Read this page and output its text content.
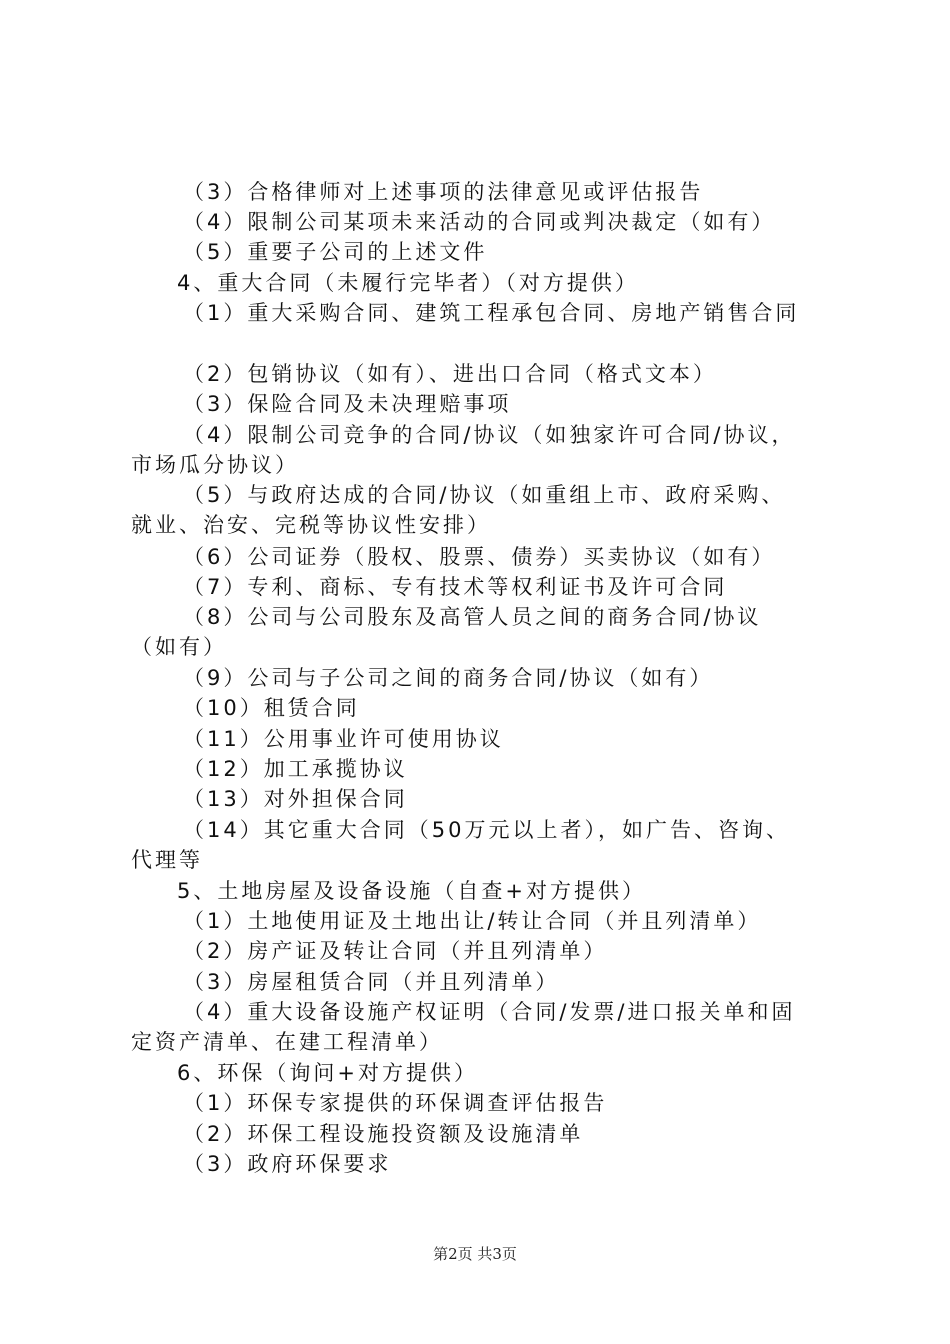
（3）合格律师对上述事项的法律意见或评估报告
（4）限制公司某项未来活动的合同或判决裁定（如有）
（5）重要子公司的上述文件
4、重大合同（未履行完毕者）（对方提供）
（1）重大采购合同、建筑工程承包合同、房地产销售合同
（2）包销协议（如有）、进出口合同（格式文本）
（3）保险合同及未决理赔事项
（4）限制公司竞争的合同/协议（如独家许可合同/协议，
市场瓜分协议）
（5）与政府达成的合同/协议（如重组上市、政府采购、
就业、治安、完税等协议性安排）
（6）公司证券（股权、股票、债券）买卖协议（如有）
（7）专利、商标、专有技术等权利证书及许可合同
（8）公司与公司股东及高管人员之间的商务合同/协议
（如有）
（9）公司与子公司之间的商务合同/协议（如有）
（10）租赁合同
（11）公用事业许可使用协议
（12）加工承揽协议
（13）对外担保合同
（14）其它重大合同（50万元以上者），如广告、咨询、
代理等
5、土地房屋及设备设施（自查+对方提供）
（1）土地使用证及土地出让/转让合同（并且列清单）
（2）房产证及转让合同（并且列清单）
（3）房屋租赁合同（并且列清单）
（4）重大设备设施产权证明（合同/发票/进口报关单和固
定资产清单、在建工程清单）
6、环保（询问+对方提供）
（1）环保专家提供的环保调查评估报告
（2）环保工程设施投资额及设施清单
（3）政府环保要求
第2页 共3页
